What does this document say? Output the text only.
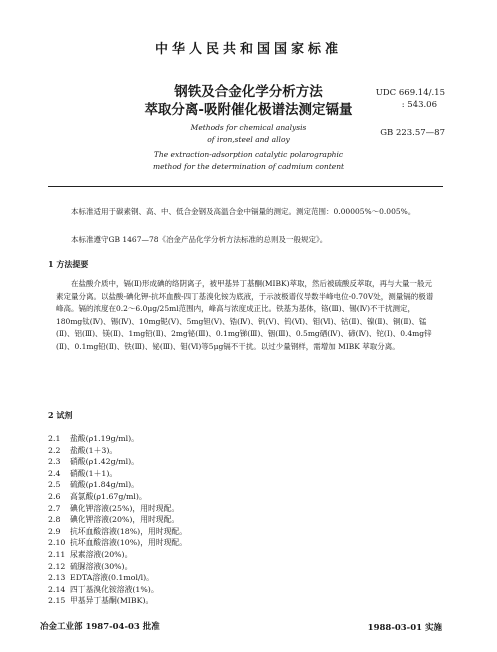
中华人民共和国国家标准
钢铁及合金化学分析方法
萃取分离-吸附催化极谱法测定镉量
UDC 669.14/.15
: 543.06
GB 223.57—87
Methods for chemical analysis
of iron,steel and alloy
The extraction-adsorption catalytic polarographic
method for the determination of cadmium content
本标准适用于碳素钢、高、中、低合金钢及高温合金中镉量的测定。测定范围：0.00005%～0.005%。
本标准遵守GB 1467—78《冶金产品化学分析方法标准的总则及一般规定》。
1 方法提要
在盐酸介质中，镉(Ⅱ)形成碘的络阴离子，被甲基异丁基酮(MIBK)萃取，然后被硫酸反萃取，再与大量一般元素定量分离。以盐酸-碘化钾-抗坏血酸-四丁基溴化铵为底液，于示波极谱仪导数半峰电位-0.70V处，测量镉的极谱峰高。镉的浓度在0.2～6.0μg/25ml范围内，峰高与浓度成正比。铁基为基体，铬(Ⅲ)、锡(Ⅳ)不干扰测定，180mg钛(Ⅳ)、锡(Ⅳ)、10mg铌(Ⅴ)、5mg钽(Ⅴ)、锆(Ⅳ)、钒(Ⅴ)、钨(Ⅵ)、钼(Ⅵ)、钴(Ⅱ)、镍(Ⅱ)、铜(Ⅱ)、锰(Ⅱ)、铝(Ⅲ)、镁(Ⅱ)、1mg铅(Ⅱ)、2mg铋(Ⅲ)、0.1mg锑(Ⅲ)、铟(Ⅲ)、0.5mg硒(Ⅳ)、碲(Ⅳ)、铊(Ⅰ)、0.4mg锌(Ⅱ)、0.1mg铅(Ⅱ)、铁(Ⅲ)、铋(Ⅲ)、钼(Ⅵ)等5μg镉不干扰。以过少量钢样，需增加 MIBK 萃取分离。
2 试剂
2.1 盐酸(ρ1.19g/ml)。
2.2 盐酸(1＋3)。
2.3 硝酸(ρ1.42g/ml)。
2.4 硝酸(1＋1)。
2.5 硫酸(ρ1.84g/ml)。
2.6 高氯酸(ρ1.67g/ml)。
2.7 碘化钾溶液(25%)，用时现配。
2.8 碘化钾溶液(20%)，用时现配。
2.9 抗坏血酸溶液(18%)，用时现配。
2.10 抗坏血酸溶液(10%)，用时现配。
2.11 尿素溶液(20%)。
2.12 硫脲溶液(30%)。
2.13 EDTA溶液(0.1mol/l)。
2.14 四丁基溴化铵溶液(1%)。
2.15 甲基异丁基酮(MIBK)。
冶金工业部 1987-04-03 批准	1988-03-01 实施
